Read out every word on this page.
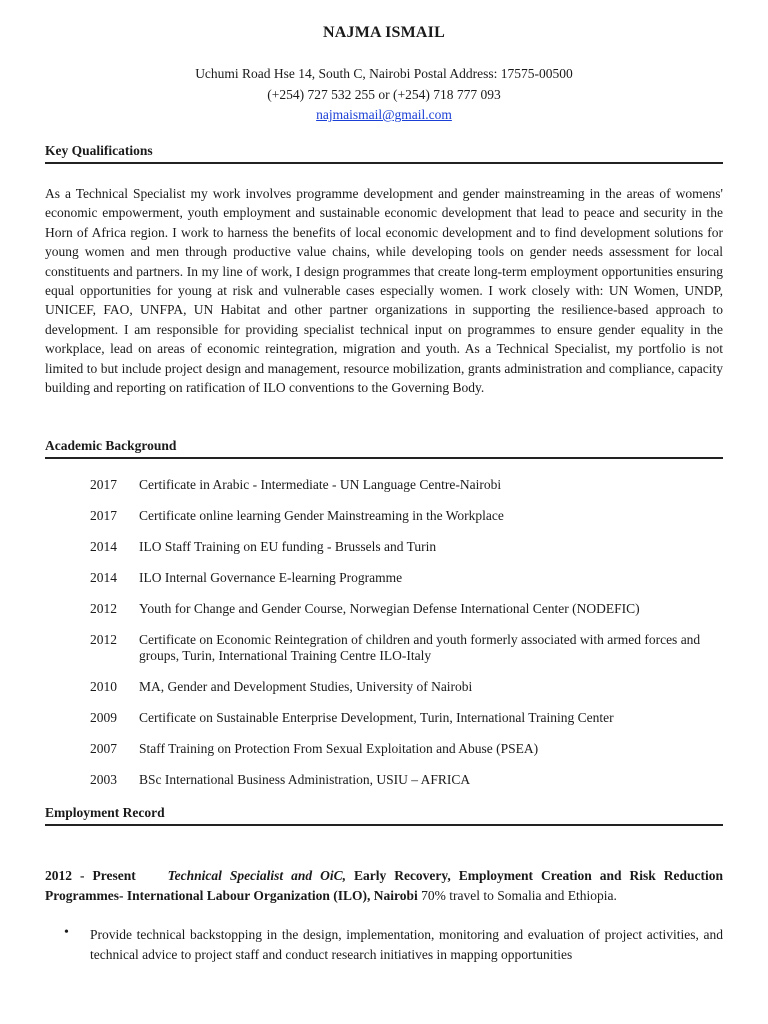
NAJMA ISMAIL
Uchumi Road Hse 14, South C, Nairobi Postal Address: 17575-00500
(+254) 727 532 255 or (+254) 718 777 093
najmaismail@gmail.com
Key Qualifications

As a Technical Specialist my work involves programme development and gender mainstreaming in the areas of womens' economic empowerment, youth employment and sustainable economic development that lead to peace and security in the Horn of Africa region. I work to harness the benefits of local economic development and to find development solutions for young women and men through productive value chains, while developing tools on gender needs assessment for local constituents and partners. In my line of work, I design programmes that create long-term employment opportunities ensuring equal opportunities for young at risk and vulnerable cases especially women. I work closely with: UN Women, UNDP, UNICEF, FAO, UNFPA, UN Habitat and other partner organizations in supporting the resilience-based approach to development. I am responsible for providing specialist technical input on programmes to ensure gender equality in the workplace, lead on areas of economic reintegration, migration and youth. As a Technical Specialist, my portfolio is not limited to but include project design and management, resource mobilization, grants administration and compliance, capacity building and reporting on ratification of ILO conventions to the Governing Body.

Academic Background
2017	Certificate in Arabic - Intermediate - UN Language Centre-Nairobi
2017	Certificate online learning Gender Mainstreaming in the Workplace
2014	ILO Staff Training on EU funding - Brussels and Turin
2014	ILO Internal Governance E-learning Programme
2012	Youth for Change and Gender Course, Norwegian Defense International Center (NODEFIC)
2012	Certificate on Economic Reintegration of children and youth formerly associated with armed forces and groups, Turin, International Training Centre ILO-Italy
2010	MA, Gender and Development Studies, University of Nairobi
2009	Certificate on Sustainable Enterprise Development, Turin, International Training Center
2007	Staff Training on Protection From Sexual Exploitation and Abuse (PSEA)
2003	BSc International Business Administration, USIU – AFRICA
Employment Record

2012 - Present Technical Specialist and OiC, Early Recovery, Employment Creation and Risk Reduction Programmes- International Labour Organization (ILO), Nairobi 70% travel to Somalia and Ethiopia.

• Provide technical backstopping in the design, implementation, monitoring and evaluation of project activities, and technical advice to project staff and conduct research initiatives in mapping opportunities
